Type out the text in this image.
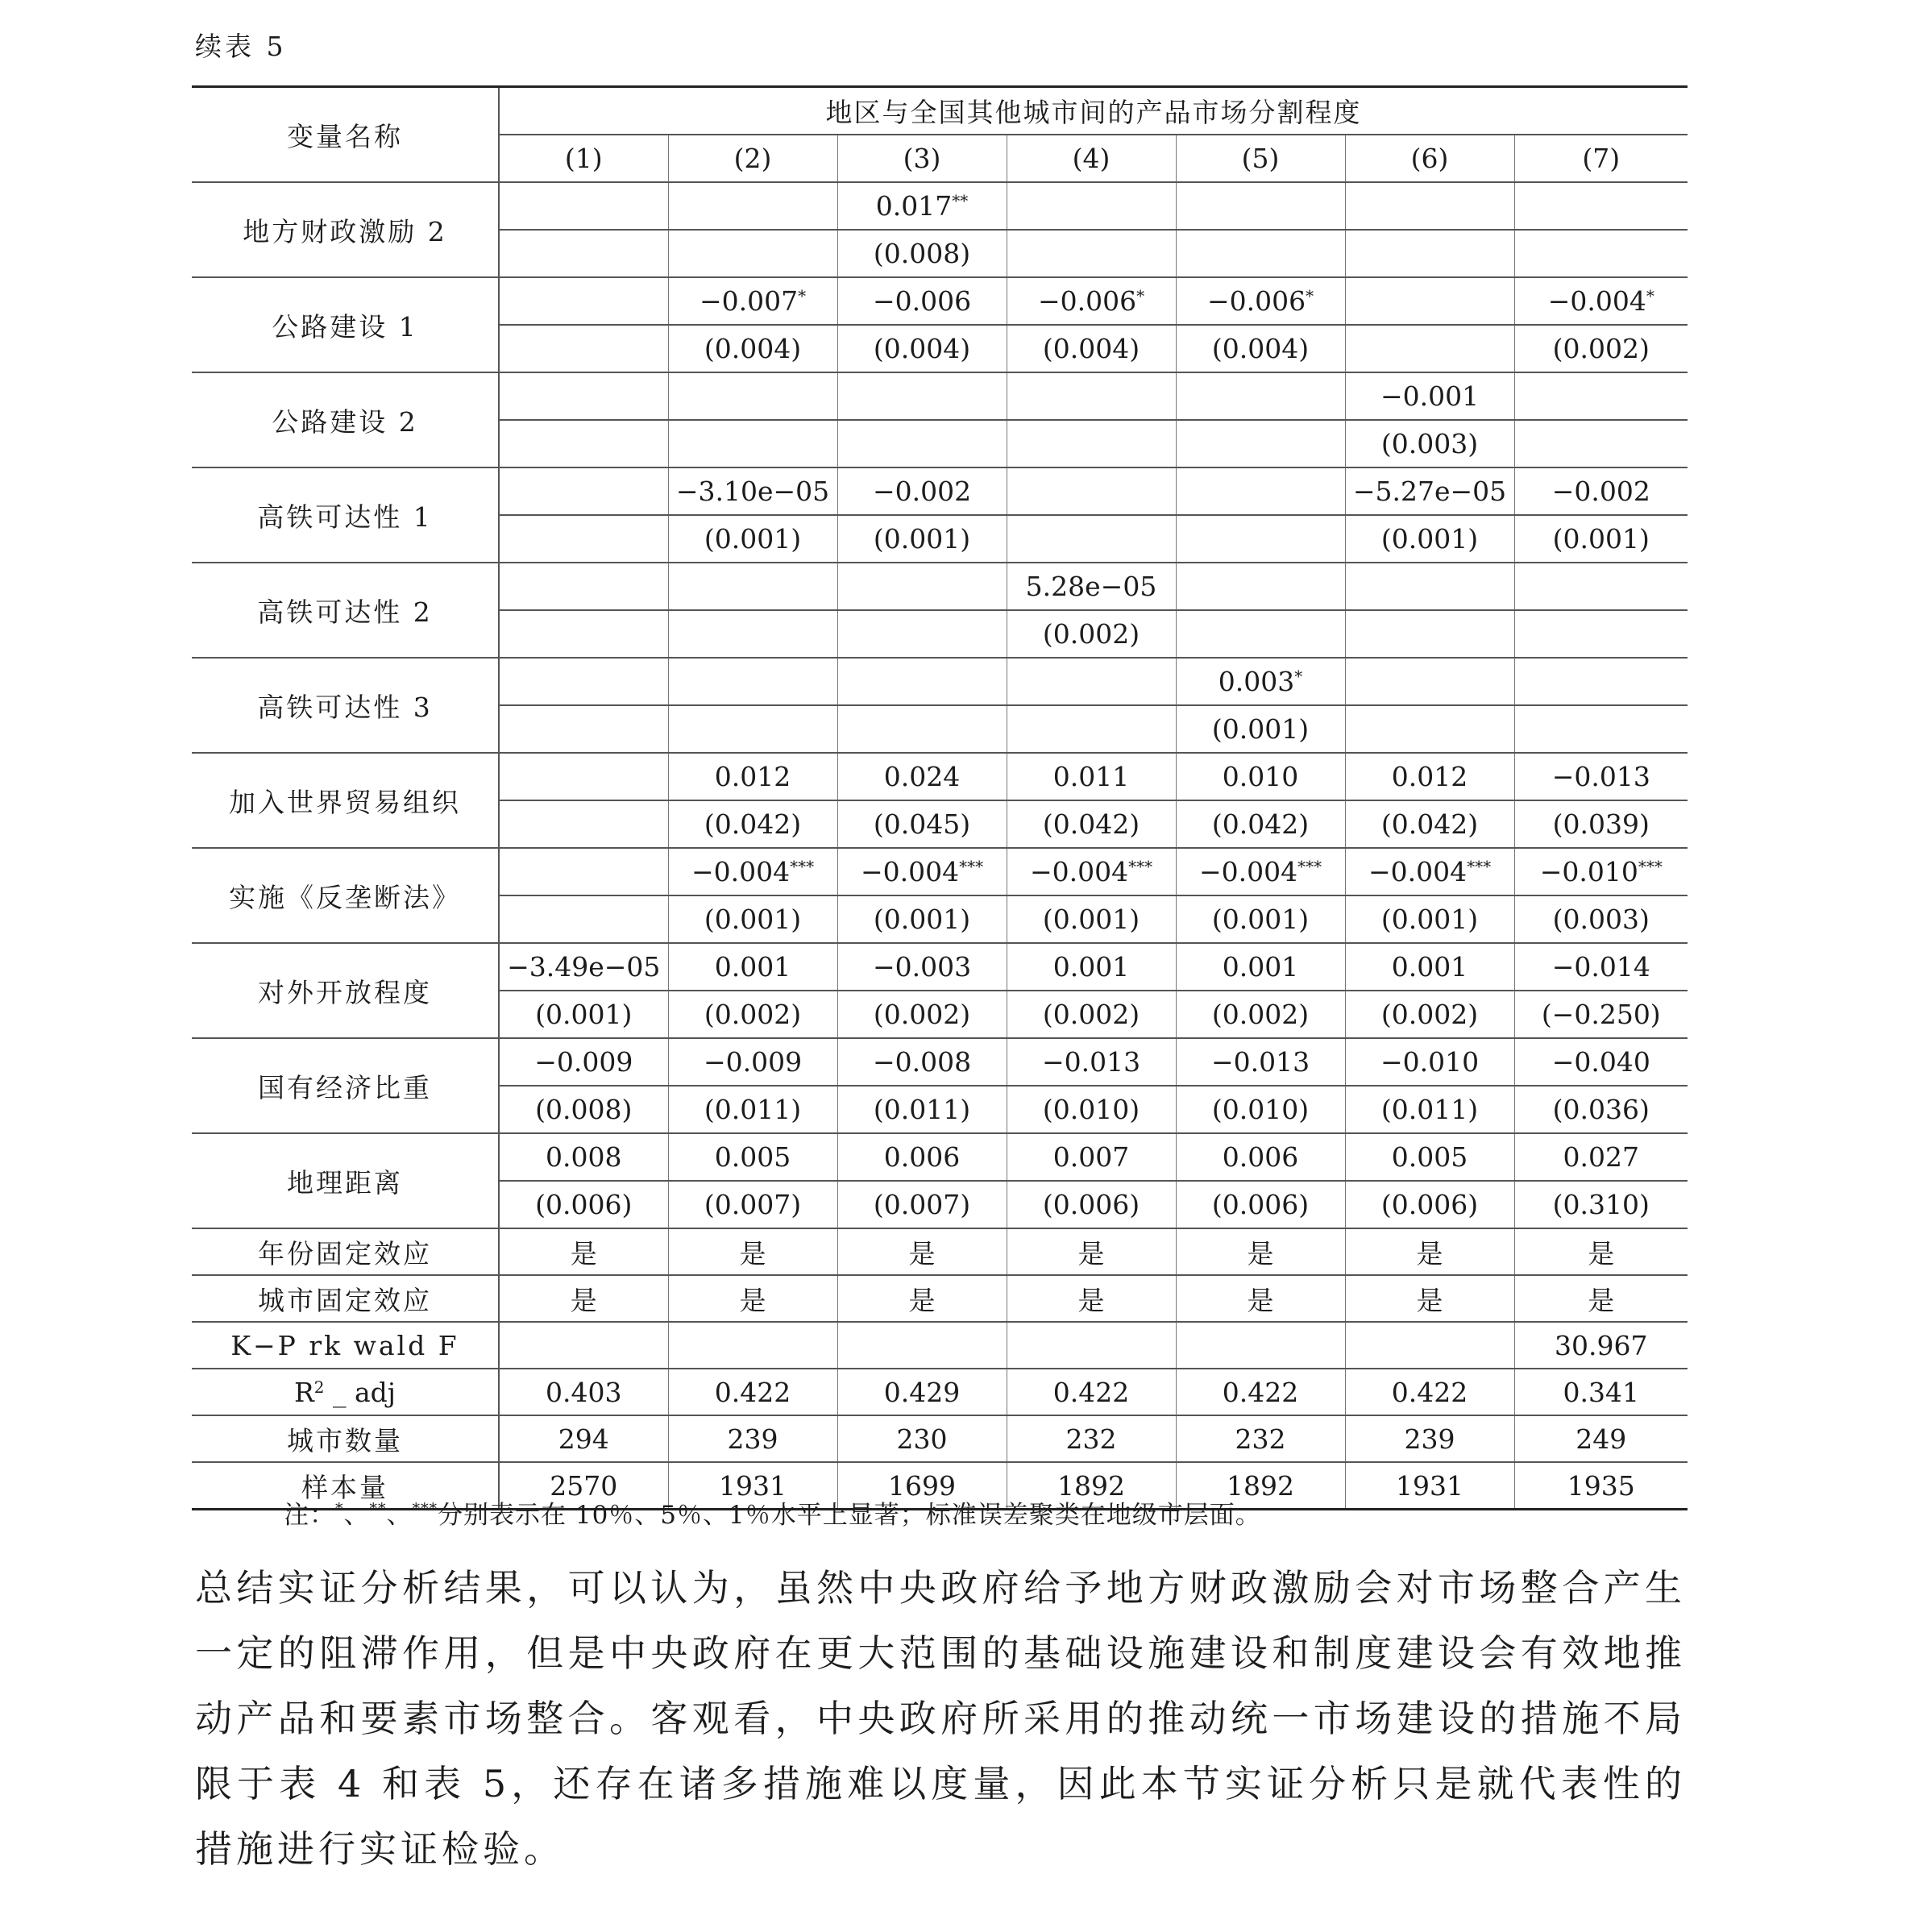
续表 5
变量名称	地区与全国其他城市间的产品市场分割程度						
	(1)	(2)	(3)	(4)	(5)	(6)	(7)
地方财政激励 2			0.017**				
			(0.008)				
公路建设 1		−0.007*	−0.006	−0.006*	−0.006*		−0.004*
		(0.004)	(0.004)	(0.004)	(0.004)		(0.002)
公路建设 2						−0.001	
						(0.003)	
高铁可达性 1		−3.10e−05	−0.002			−5.27e−05	−0.002
		(0.001)	(0.001)			(0.001)	(0.001)
高铁可达性 2				5.28e−05			
				(0.002)			
高铁可达性 3					0.003*		
					(0.001)		
加入世界贸易组织		0.012	0.024	0.011	0.010	0.012	−0.013
		(0.042)	(0.045)	(0.042)	(0.042)	(0.042)	(0.039)
实施《反垄断法》		−0.004***	−0.004***	−0.004***	−0.004***	−0.004***	−0.010***
		(0.001)	(0.001)	(0.001)	(0.001)	(0.001)	(0.003)
对外开放程度	−3.49e−05	0.001	−0.003	0.001	0.001	0.001	−0.014
	(0.001)	(0.002)	(0.002)	(0.002)	(0.002)	(0.002)	(−0.250)
国有经济比重	−0.009	−0.009	−0.008	−0.013	−0.013	−0.010	−0.040
	(0.008)	(0.011)	(0.011)	(0.010)	(0.010)	(0.011)	(0.036)
地理距离	0.008	0.005	0.006	0.007	0.006	0.005	0.027
	(0.006)	(0.007)	(0.007)	(0.006)	(0.006)	(0.006)	(0.310)
年份固定效应	是	是	是	是	是	是	是
城市固定效应	是	是	是	是	是	是	是
K−P rk wald F							30.967
$R^2$ _ adj	0.403	0.422	0.429	0.422	0.422	0.422	0.341
城市数量	294	239	230	232	232	239	249
样本量	2570	1931	1699	1892	1892	1931	1935
注：*、**、***分别表示在 10％、5％、1％水平上显著；标准误差聚类在地级市层面。

总结实证分析结果，可以认为，虽然中央政府给予地方财政激励会对市场整合产生一定的阻滞作用，但是中央政府在更大范围的基础设施建设和制度建设会有效地推动产品和要素市场整合。客观看，中央政府所采用的推动统一市场建设的措施不局限于表 4 和表 5，还存在诸多措施难以度量，因此本节实证分析只是就代表性的措施进行实证检验。
